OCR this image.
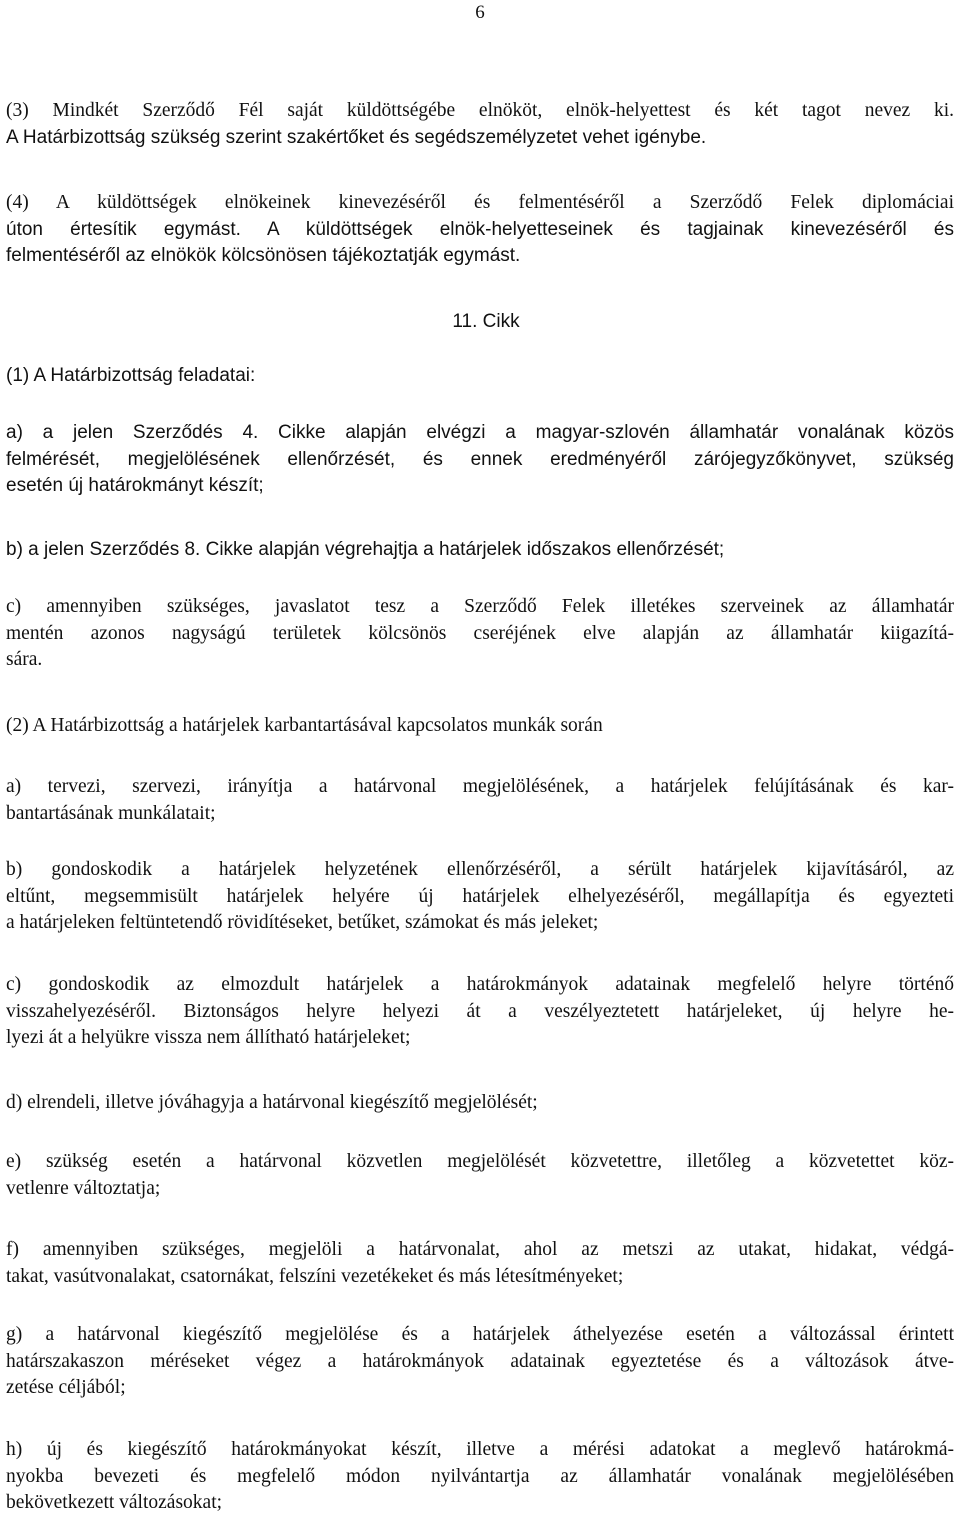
6

(3) Mindkét Szerződő Fél saját küldöttségébe elnököt, elnök-helyettest és két tagot nevez ki.
A Határbizottság szükség szerint szakértőket és segédszemélyzetet vehet igénybe.

(4) A küldöttségek elnökeinek kinevezéséről és felmentéséről a Szerződő Felek diplomáciai
úton értesítik egymást. A küldöttségek elnök-helyetteseinek és tagjainak kinevezéséről és
felmentéséről az elnökök kölcsönösen tájékoztatják egymást.

11. Cikk
(1) A Határbizottság feladatai:

a) a jelen Szerződés 4. Cikke alapján elvégzi a magyar-szlovén államhatár vonalának közös
felmérését, megjelölésének ellenőrzését, és ennek eredményéről zárójegyzőkönyvet, szükség
esetén új határokmányt készít;

b) a jelen Szerződés 8. Cikke alapján végrehajtja a határjelek időszakos ellenőrzését;

c) amennyiben szükséges, javaslatot tesz a Szerződő Felek illetékes szerveinek az államhatár
mentén azonos nagyságú területek kölcsönös cseréjének elve alapján az államhatár kiigazítá-
sára.

(2) A Határbizottság a határjelek karbantartásával kapcsolatos munkák során

a) tervezi, szervezi, irányítja a határvonal megjelölésének, a határjelek felújításának és kar-
bantartásának munkálatait;

b) gondoskodik a határjelek helyzetének ellenőrzéséről, a sérült határjelek kijavításáról, az
eltűnt, megsemmisült határjelek helyére új határjelek elhelyezéséről, megállapítja és egyezteti
a határjeleken feltüntetendő rövidítéseket, betűket, számokat és más jeleket;

c) gondoskodik az elmozdult határjelek a határokmányok adatainak megfelelő helyre történő
visszahelyezéséről. Biztonságos helyre helyezi át a veszélyeztetett határjeleket, új helyre he-
lyezi át a helyükre vissza nem állítható határjeleket;

d) elrendeli, illetve jóváhagyja a határvonal kiegészítő megjelölését;

e) szükség esetén a határvonal közvetlen megjelölését közvetettre, illetőleg a közvetettet köz-
vetlenre változtatja;

f) amennyiben szükséges, megjelöli a határvonalat, ahol az metszi az utakat, hidakat, védgá-
takat, vasútvonalakat, csatornákat, felszíni vezetékeket és más létesítményeket;

g) a határvonal kiegészítő megjelölése és a határjelek áthelyezése esetén a változással érintett
határszakaszon méréseket végez a határokmányok adatainak egyeztetése és a változások átve-
zetése céljából;

h) új és kiegészítő határokmányokat készít, illetve a mérési adatokat a meglevő határokmá-
nyokba bevezeti és megfelelő módon nyilvántartja az államhatár vonalának megjelölésében
bekövetkezett változásokat;
